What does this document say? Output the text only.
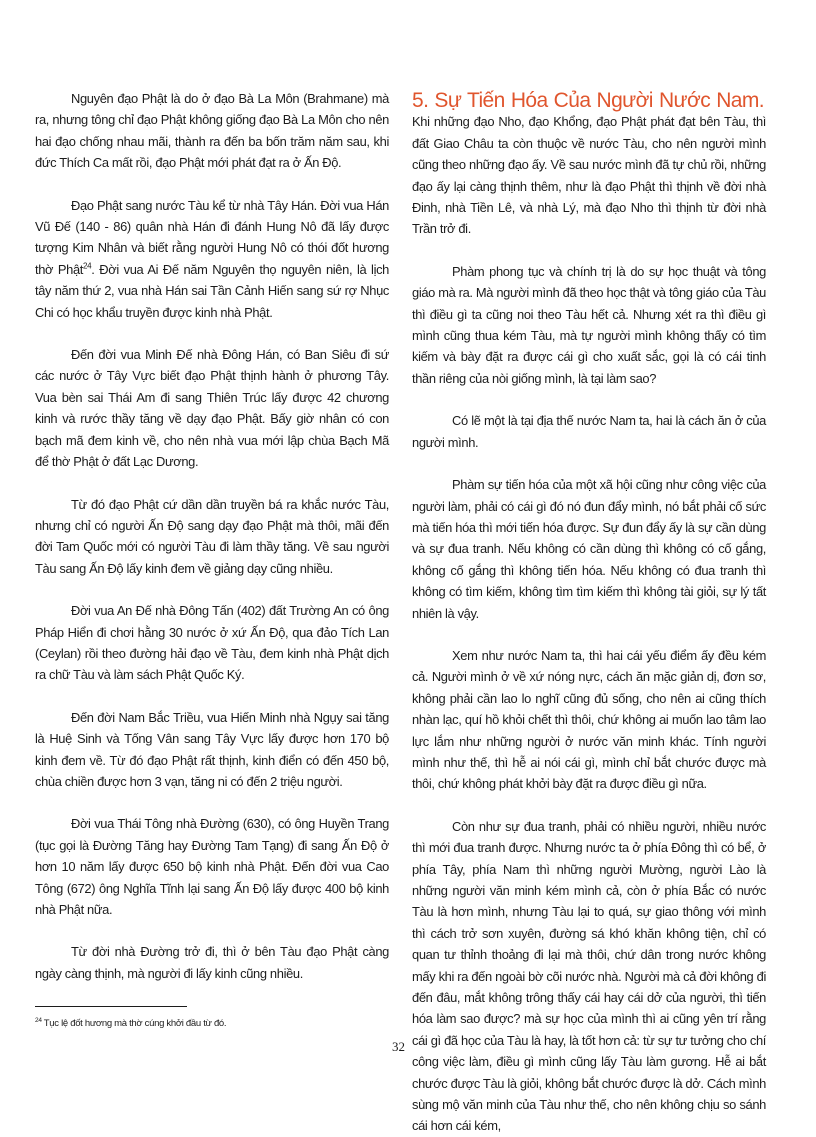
Nguyên đạo Phật là do ở đạo Bà La Môn (Brahmane) mà ra, nhưng tông chỉ đạo Phật không giống đạo Bà La Môn cho nên hai đạo chống nhau mãi, thành ra đến ba bốn trăm năm sau, khi đức Thích Ca mất rồi, đạo Phật mới phát đạt ra ở Ấn Độ.

Đạo Phật sang nước Tàu kể từ nhà Tây Hán. Đời vua Hán Vũ Đế (140 - 86) quân nhà Hán đi đánh Hung Nô đã lấy được tượng Kim Nhân và biết rằng người Hung Nô có thói đốt hương thờ Phật$^{24}$. Đời vua Ai Đế năm Nguyên thọ nguyên niên, là lịch tây năm thứ 2, vua nhà Hán sai Tần Cảnh Hiến sang sứ rợ Nhục Chi có học khẩu truyền được kinh nhà Phật.

Đến đời vua Minh Đế nhà Đông Hán, có Ban Siêu đi sứ các nước ở Tây Vực biết đạo Phật thịnh hành ở phương Tây. Vua bèn sai Thái Am đi sang Thiên Trúc lấy được 42 chương kinh và rước thầy tăng về dạy đạo Phật. Bấy giờ nhân có con bạch mã đem kinh về, cho nên nhà vua mới lập chùa Bạch Mã để thờ Phật ở đất Lạc Dương.

Từ đó đạo Phật cứ dần dần truyền bá ra khắc nước Tàu, nhưng chỉ có người Ấn Độ sang dạy đạo Phật mà thôi, mãi đến đời Tam Quốc mới có người Tàu đi làm thầy tăng. Về sau người Tàu sang Ấn Độ lấy kinh đem về giảng dạy cũng nhiều.

Đời vua An Đế nhà Đông Tấn (402) đất Trường An có ông Pháp Hiển đi chơi hằng 30 nước ở xứ Ấn Độ, qua đảo Tích Lan (Ceylan) rồi theo đường hải đạo về Tàu, đem kinh nhà Phật dịch ra chữ Tàu và làm sách Phật Quốc Ký.

Đến đời Nam Bắc Triều, vua Hiến Minh nhà Ngụy sai tăng là Huệ Sinh và Tống Vân sang Tây Vực lấy được hơn 170 bộ kinh đem về. Từ đó đạo Phật rất thịnh, kinh điển có đến 450 bộ, chùa chiền được hơn 3 vạn, tăng ni có đến 2 triệu người.

Đời vua Thái Tông nhà Đường (630), có ông Huyền Trang (tục gọi là Đường Tăng hay Đường Tam Tạng) đi sang Ấn Độ ở hơn 10 năm lấy được 650 bộ kinh nhà Phật. Đến đời vua Cao Tông (672) ông Nghĩa Tĩnh lại sang Ấn Độ lấy được 400 bộ kinh nhà Phật nữa.

Từ đời nhà Đường trở đi, thì ở bên Tàu đạo Phật càng ngày càng thịnh, mà người đi lấy kinh cũng nhiều.

5. Sự Tiến Hóa Của Người Nước Nam. Khi những đạo Nho, đạo Khổng, đạo Phật phát đạt bên Tàu, thì đất Giao Châu ta còn thuộc về nước Tàu, cho nên người mình cũng theo những đạo ấy. Về sau nước mình đã tự chủ rồi, những đạo ấy lại càng thịnh thêm, như là đạo Phật thì thịnh về đời nhà Đinh, nhà Tiền Lê, và nhà Lý, mà đạo Nho thì thịnh từ đời nhà Trần trở đi.

Phàm phong tục và chính trị là do sự học thuật và tông giáo mà ra. Mà người mình đã theo học thật và tông giáo của Tàu thì điều gì ta cũng noi theo Tàu hết cả. Nhưng xét ra thì điều gì mình cũng thua kém Tàu, mà tự người mình không thấy có tìm kiếm và bày đặt ra được cái gì cho xuất sắc, gọi là có cái tinh thần riêng của nòi giống mình, là tại làm sao?

Có lẽ một là tại địa thế nước Nam ta, hai là cách ăn ở của người mình.

Phàm sự tiến hóa của một xã hội cũng như công việc của người làm, phải có cái gì đó nó đun đẩy mình, nó bắt phải cố sức mà tiến hóa thì mới tiến hóa được. Sự đun đẩy ấy là sự cần dùng và sự đua tranh. Nếu không có cần dùng thì không có cố gắng, không cố gắng thì không tiến hóa. Nếu không có đua tranh thì không có tìm kiếm, không tìm tìm kiếm thì không tài giỏi, sự lý tất nhiên là vậy.

Xem như nước Nam ta, thì hai cái yếu điểm ấy đều kém cả. Người mình ở về xứ nóng nực, cách ăn mặc giản dị, đơn sơ, không phải cần lao lo nghĩ cũng đủ sống, cho nên ai cũng thích nhàn lạc, quí hồ khỏi chết thì thôi, chứ không ai muốn lao tâm lao lực lắm như những người ở nước văn minh khác. Tính người mình như thế, thì hễ ai nói cái gì, mình chỉ bắt chước được mà thôi, chứ không phát khởi bày đặt ra được điều gì nữa.

Còn như sự đua tranh, phải có nhiều người, nhiều nước thì mới đua tranh được. Nhưng nước ta ở phía Đông thì có bể, ở phía Tây, phía Nam thì những người Mường, người Lào là những người văn minh kém mình cả, còn ở phía Bắc có nước Tàu là hơn mình, nhưng Tàu lại to quá, sự giao thông với mình thì cách trở sơn xuyên, đường sá khó khăn không tiện, chỉ có quan tư thỉnh thoảng đi lại mà thôi, chứ dân trong nước không mấy khi ra đến ngoài bờ cõi nước nhà. Người mà cả đời không đi đến đâu, mắt không trông thấy cái hay cái dở của người, thì tiến hóa làm sao được? mà sự học của mình thì ai cũng yên trí rằng cái gì đã học của Tàu là hay, là tốt hơn cả: từ sự tư tưởng cho chí công việc làm, điều gì mình cũng lấy Tàu làm gương. Hễ ai bắt chước được Tàu là giỏi, không bắt chước được là dở. Cách mình sùng mộ văn minh của Tàu như thế, cho nên không chịu so sánh cái hơn cái kém,

$^{24}$ Tục lệ đốt hương mà thờ cúng khởi đầu từ đó.
32
